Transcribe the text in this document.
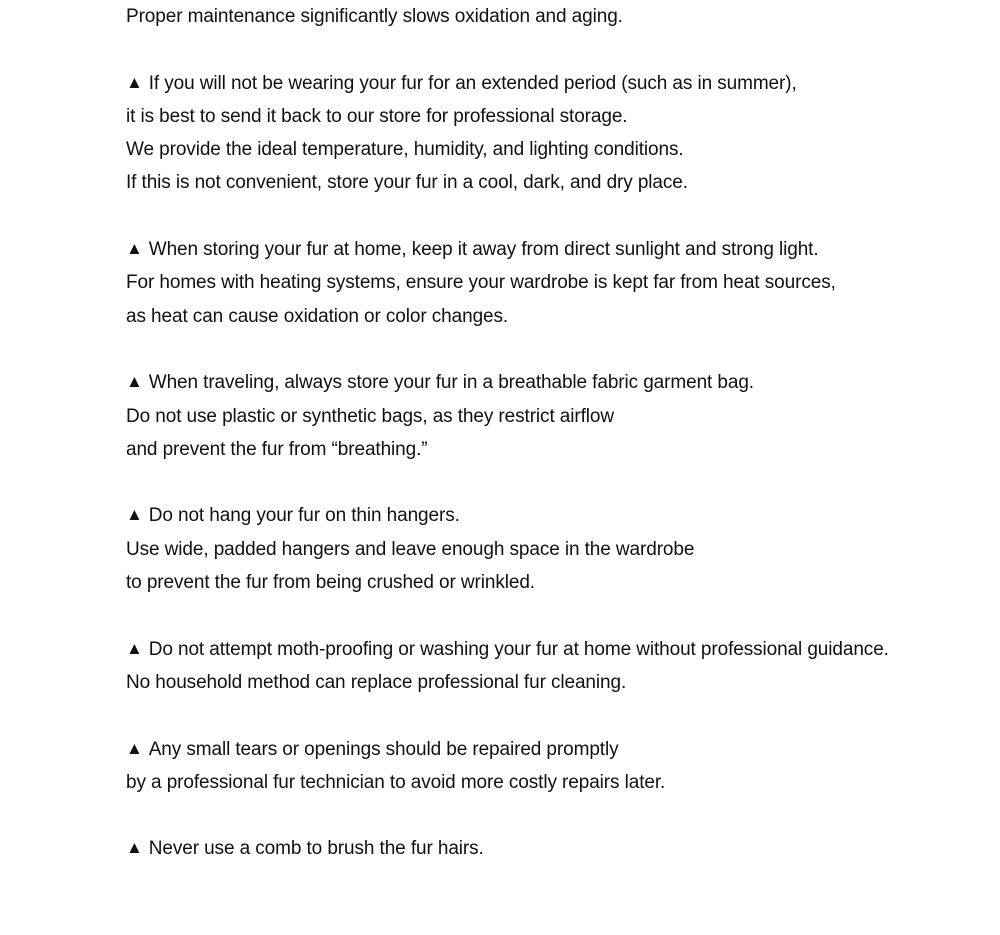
Proper maintenance significantly slows oxidation and aging.
▲ If you will not be wearing your fur for an extended period (such as in summer),
it is best to send it back to our store for professional storage.
We provide the ideal temperature, humidity, and lighting conditions.
If this is not convenient, store your fur in a cool, dark, and dry place.
▲ When storing your fur at home, keep it away from direct sunlight and strong light.
For homes with heating systems, ensure your wardrobe is kept far from heat sources,
as heat can cause oxidation or color changes.
▲ When traveling, always store your fur in a breathable fabric garment bag.
Do not use plastic or synthetic bags, as they restrict airflow
and prevent the fur from “breathing.”
▲ Do not hang your fur on thin hangers.
Use wide, padded hangers and leave enough space in the wardrobe
to prevent the fur from being crushed or wrinkled.
▲ Do not attempt moth-proofing or washing your fur at home without professional guidance.
No household method can replace professional fur cleaning.
▲ Any small tears or openings should be repaired promptly
by a professional fur technician to avoid more costly repairs later.
▲ Never use a comb to brush the fur hairs.
